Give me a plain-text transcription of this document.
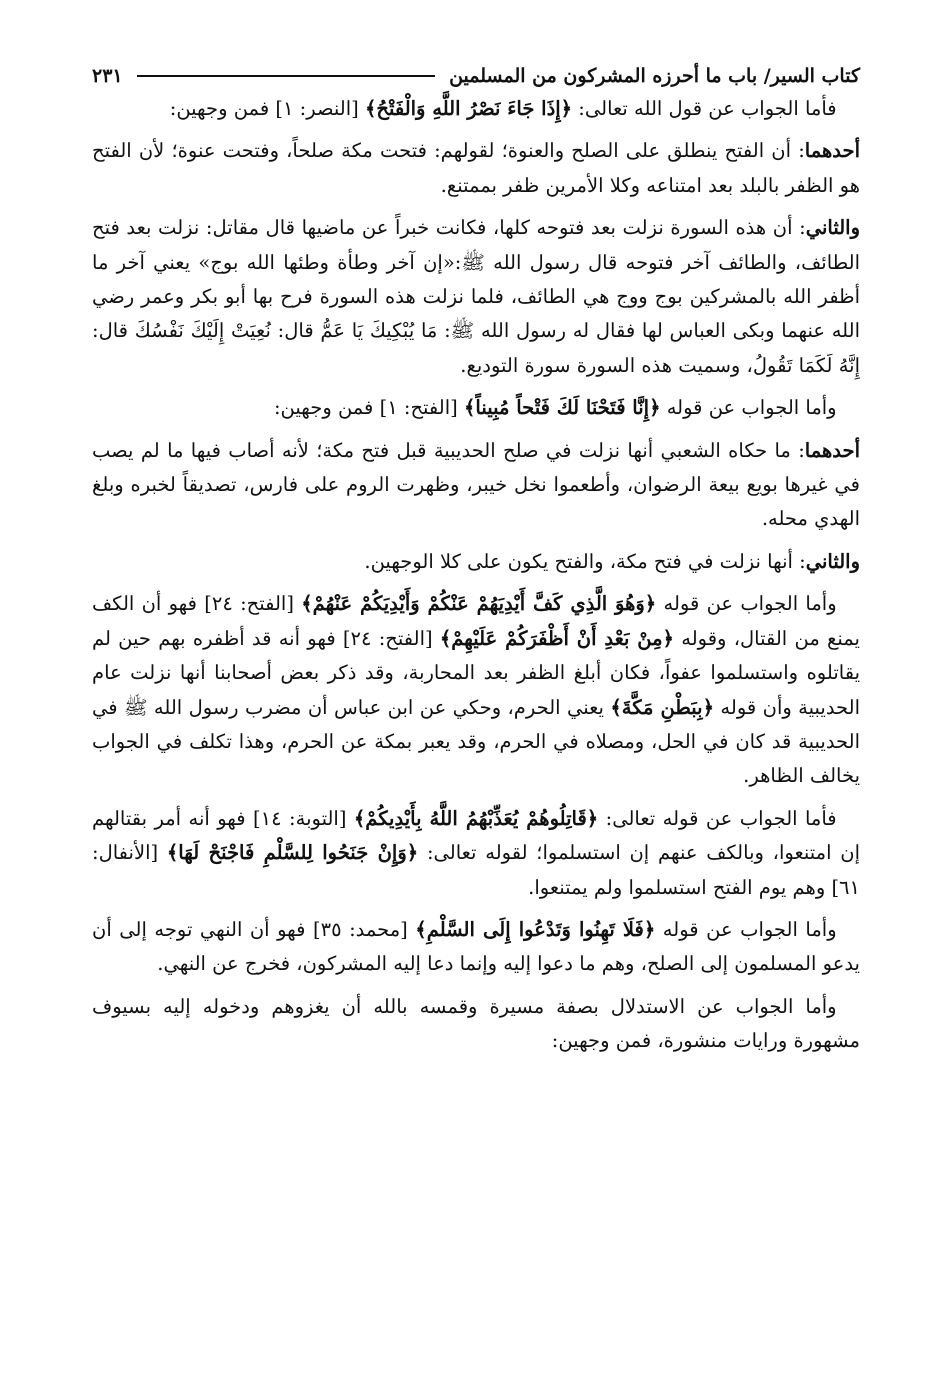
كتاب السير/ باب ما أحرزه المشركون من المسلمين
٢٣١

فأما الجواب عن قول الله تعالى: ﴿إِذَا جَاءَ نَصْرُ اللَّهِ وَالْفَتْحُ﴾ [النصر: ١] فمن وجهين:

أحدهما: أن الفتح ينطلق على الصلح والعنوة؛ لقولهم: فتحت مكة صلحاً، وفتحت عنوة؛ لأن الفتح هو الظفر بالبلد بعد امتناعه وكلا الأمرين ظفر بممتنع.

والثاني: أن هذه السورة نزلت بعد فتوحه كلها، فكانت خبراً عن ماضيها قال مقاتل: نزلت بعد فتح الطائف، والطائف آخر فتوحه قال رسول الله ﷺ:«إن آخر وطأة وطئها الله بوج» يعني آخر ما أظفر الله بالمشركين بوج ووج هي الطائف، فلما نزلت هذه السورة فرح بها أبو بكر وعمر رضي الله عنهما وبكى العباس لها فقال له رسول الله ﷺ: مَا يُبْكِيكَ يَا عَمُّ قال: نُعِيَتْ إِلَيْكَ نَفْسُكَ قال: إِنَّهُ لَكَمَا تَقُولُ، وسميت هذه السورة سورة التوديع.

وأما الجواب عن قوله ﴿إِنَّا فَتَحْنَا لَكَ فَتْحاً مُبِيناً﴾ [الفتح: ١] فمن وجهين:

أحدهما: ما حكاه الشعبي أنها نزلت في صلح الحديبية قبل فتح مكة؛ لأنه أصاب فيها ما لم يصب في غيرها بويع بيعة الرضوان، وأطعموا نخل خيبر، وظهرت الروم على فارس، تصديقاً لخبره وبلغ الهدي محله.

والثاني: أنها نزلت في فتح مكة، والفتح يكون على كلا الوجهين.

وأما الجواب عن قوله ﴿وَهُوَ الَّذِي كَفَّ أَيْدِيَهُمْ عَنْكُمْ وَأَيْدِيَكُمْ عَنْهُمْ﴾ [الفتح: ٢٤] فهو أن الكف يمنع من القتال، وقوله ﴿مِنْ بَعْدِ أَنْ أَظْفَرَكُمْ عَلَيْهِمْ﴾ [الفتح: ٢٤] فهو أنه قد أظفره بهم حين لم يقاتلوه واستسلموا عفواً، فكان أبلغ الظفر بعد المحاربة، وقد ذكر بعض أصحابنا أنها نزلت عام الحديبية وأن قوله ﴿بِبَطْنِ مَكَّةَ﴾ يعني الحرم، وحكي عن ابن عباس أن مضرب رسول الله ﷺ في الحديبية قد كان في الحل، ومصلاه في الحرم، وقد يعبر بمكة عن الحرم، وهذا تكلف في الجواب يخالف الظاهر.

فأما الجواب عن قوله تعالى: ﴿قَاتِلُوهُمْ يُعَذِّبْهُمُ اللَّهُ بِأَيْدِيكُمْ﴾ [التوبة: ١٤] فهو أنه أمر بقتالهم إن امتنعوا، وبالكف عنهم إن استسلموا؛ لقوله تعالى: ﴿وَإِنْ جَنَحُوا لِلسَّلْمِ فَاجْنَحْ لَهَا﴾ [الأنفال: ٦١] وهم يوم الفتح استسلموا ولم يمتنعوا.

وأما الجواب عن قوله ﴿فَلَا تَهِنُوا وَتَدْعُوا إِلَى السَّلْمِ﴾ [محمد: ٣٥] فهو أن النهي توجه إلى أن يدعو المسلمون إلى الصلح، وهم ما دعوا إليه وإنما دعا إليه المشركون، فخرج عن النهي.

وأما الجواب عن الاستدلال بصفة مسيرة وقمسه بالله أن يغزوهم ودخوله إليه بسيوف مشهورة ورايات منشورة، فمن وجهين:
